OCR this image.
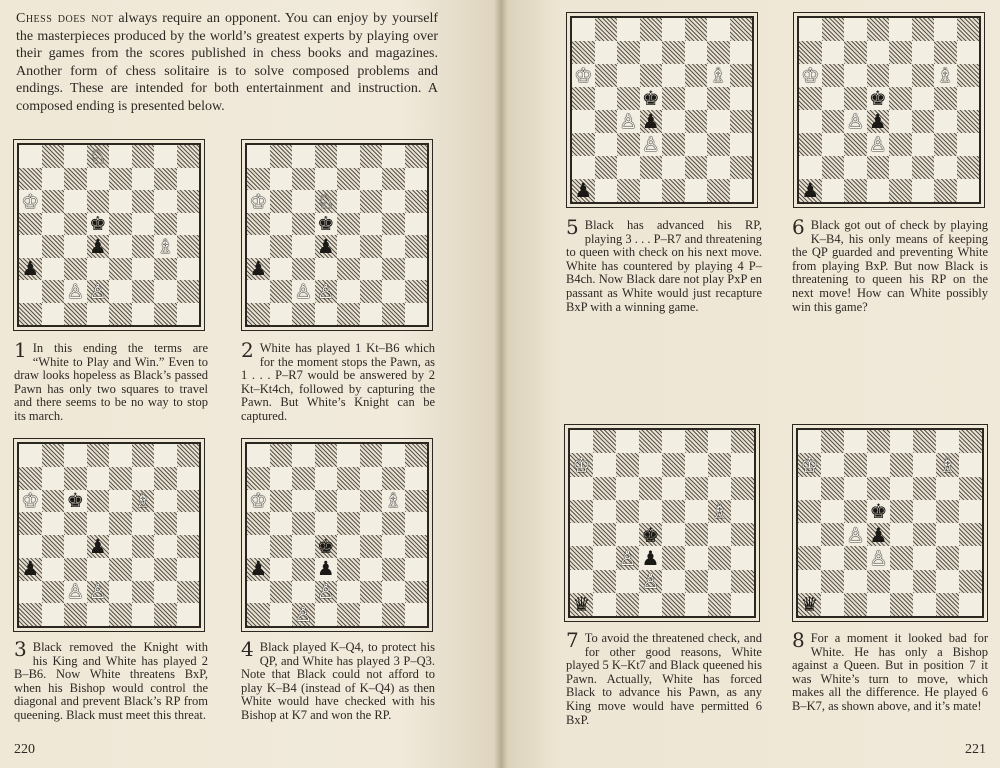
Chess does not always require an opponent. You can enjoy by yourself the masterpieces produced by the world’s greatest experts by playing over their games from the scores published in chess books and magazines. Another form of chess solitaire is to solve composed problems and endings. These are intended for both entertainment and instruction. A composed ending is presented below.

♘
♔
♚
♟	♗
♟
♙ ♙
♔	♘
♚
♟
♟
♙ ♙
♔ ♚	♗
♟
♟
♙ ♙
♔	♗
♚
♟	♟
♙
♙

1 In this ending the terms are “White to Play and Win.” Even to draw looks hopeless as Black’s passed Pawn has only two squares to travel and there seems to be no way to stop its march.

2 White has played 1 Kt–B6 which for the moment stops the Pawn, as 1 . . . P–R7 would be answered by 2 Kt–Kt4ch, followed by capturing the Pawn. But White’s Knight can be captured.

3 Black removed the Knight with his King and White has played 2 B–B6. Now White threatens BxP, when his Bishop would control the diagonal and prevent Black’s RP from queening. Black must meet this threat.

4 Black played K–Q4, to protect his QP, and White has played 3 P–Q3. Note that Black could not afford to play K–B4 (instead of K–Q4) as then White would have checked with his Bishop at K7 and won the RP.

220
♔	♗
♚
♙ ♟
♙
♟
♔	♗
♚
♙ ♟
♙
♟
♔
♗
♚
♙ ♟
♙
♛
♔	♗
♚
♙ ♟
♙
♛

5 Black has advanced his RP, playing 3 . . . P–R7 and threatening to queen with check on his next move. White has countered by playing 4 P–B4ch. Now Black dare not play PxP en passant as White would just recapture BxP with a winning game.

6 Black got out of check by playing K–B4, his only means of keeping the QP guarded and preventing White from playing BxP. But now Black is threatening to queen his RP on the next move! How can White possibly win this game?

7 To avoid the threatened check, and for other good reasons, White played 5 K–Kt7 and Black queened his Pawn. Actually, White has forced Black to advance his Pawn, as any King move would have permitted 6 BxP.

8 For a moment it looked bad for White. He has only a Bishop against a Queen. But in position 7 it was White’s turn to move, which makes all the difference. He played 6 B–K7, as shown above, and it’s mate!

221
